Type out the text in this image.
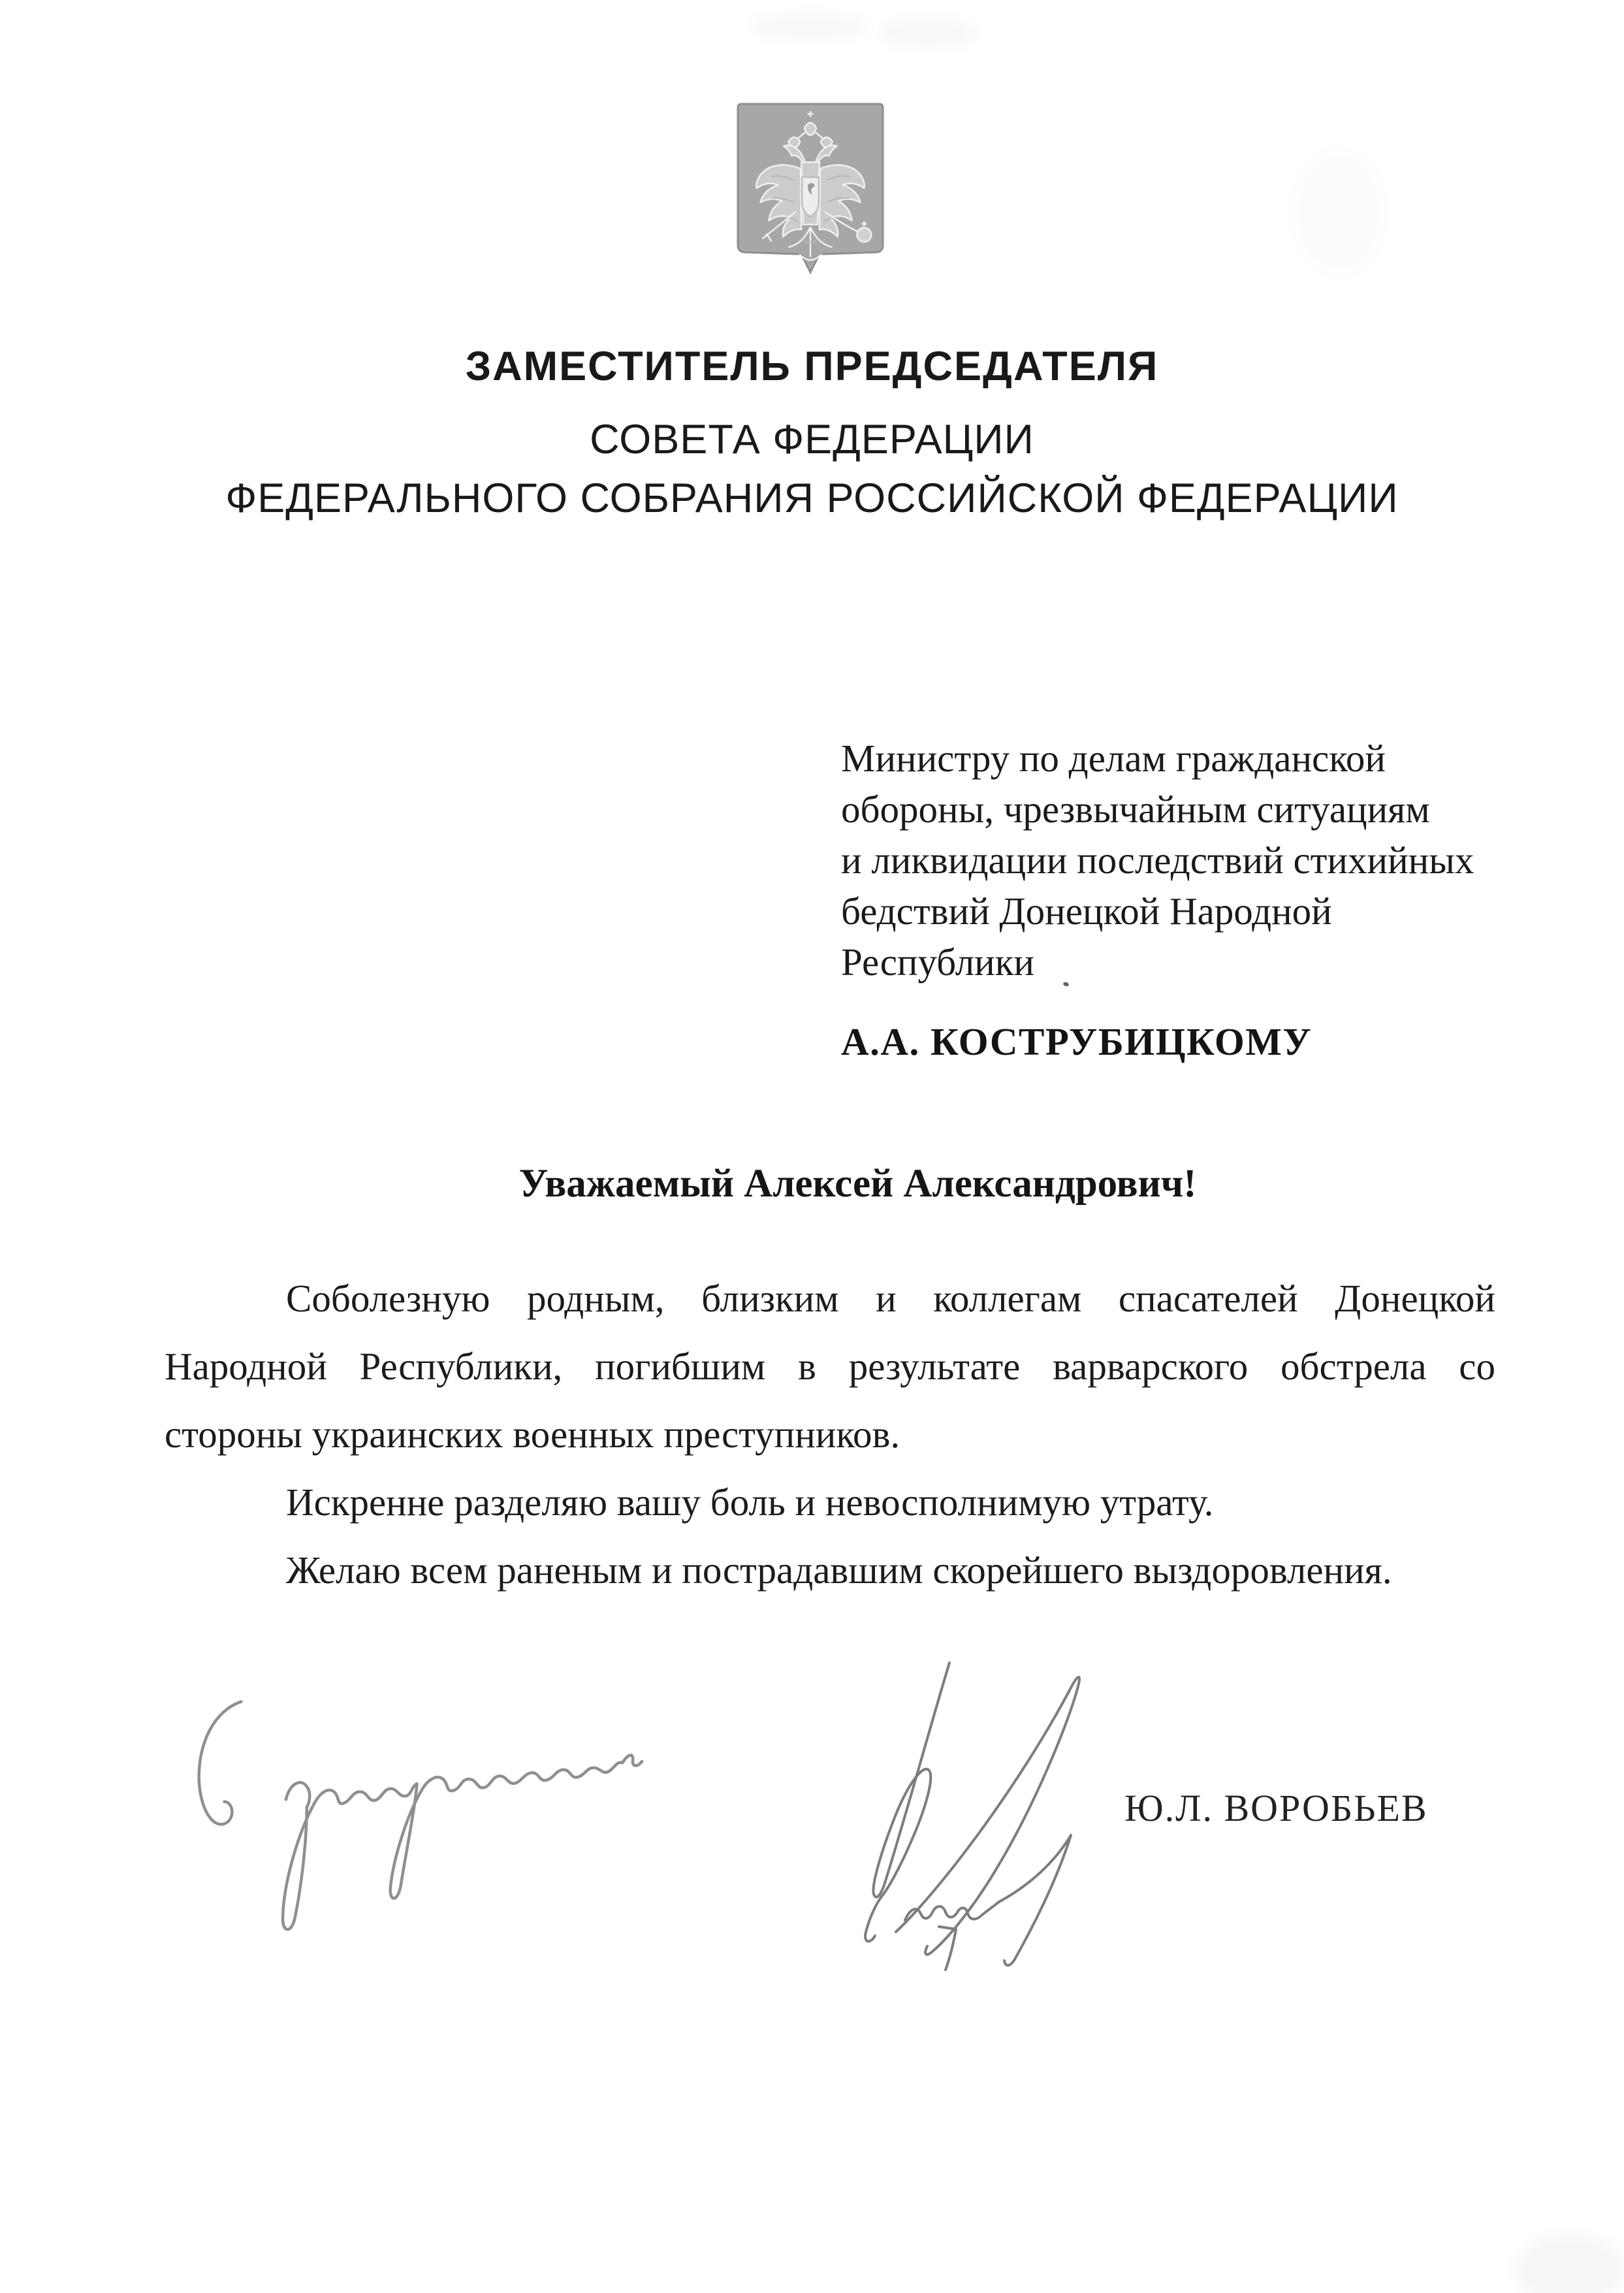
ЗАМЕСТИТЕЛЬ ПРЕДСЕДАТЕЛЯ
СОВЕТА ФЕДЕРАЦИИ
ФЕДЕРАЛЬНОГО СОБРАНИЯ РОССИЙСКОЙ ФЕДЕРАЦИИ
Министру по делам гражданской
обороны, чрезвычайным ситуациям
и ликвидации последствий стихийных
бедствий Донецкой Народной
Республики
А.А. КОСТРУБИЦКОМУ
Уважаемый Алексей Александрович!
Соболезную родным, близким и коллегам спасателей Донецкой
Народной Республики, погибшим в результате варварского обстрела со
стороны украинских военных преступников.
Искренне разделяю вашу боль и невосполнимую утрату.
Желаю всем раненым и пострадавшим скорейшего выздоровления.
Ю.Л. ВОРОБЬЕВ
